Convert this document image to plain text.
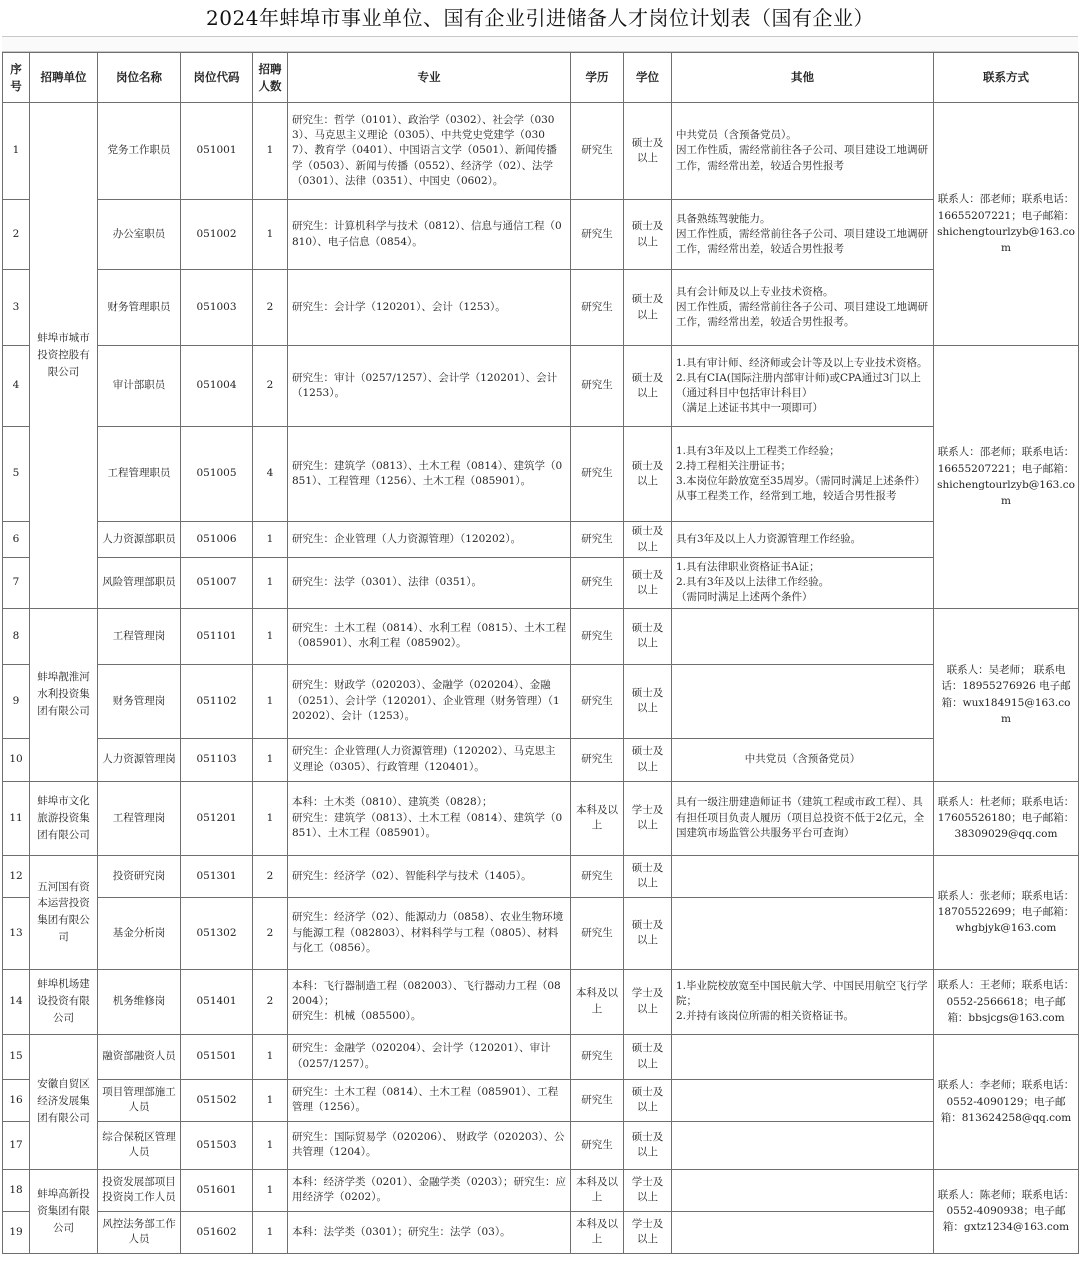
2024年蚌埠市事业单位、国有企业引进储备人才岗位计划表（国有企业）
序号	招聘单位	岗位名称	岗位代码	招聘人数	专业	学历	学位	其他	联系方式
1	蚌埠市城市投资控股有限公司	党务工作职员	051001	1	研究生：哲学（0101）、政治学（0302）、社会学（0303）、马克思主义理论（0305）、中共党史党建学（0307）、教育学（0401）、中国语言文学（0501）、新闻传播学（0503）、新闻与传播（0552）、经济学（02）、法学（0301）、法律（0351）、中国史（0602）。	研究生	硕士及以上	中共党员（含预备党员）。
因工作性质，需经常前往各子公司、项目建设工地调研工作，需经常出差，较适合男性报考	联系人：邵老师；联系电话：16655207221；电子邮箱：shichengtourlzyb@163.com
2		办公室职员	051002	1	研究生：计算机科学与技术（0812）、信息与通信工程（0810）、电子信息（0854）。	研究生	硕士及以上	具备熟练驾驶能力。
因工作性质，需经常前往各子公司、项目建设工地调研工作，需经常出差，较适合男性报考	
3		财务管理职员	051003	2	研究生：会计学（120201）、会计（1253）。	研究生	硕士及以上	具有会计师及以上专业技术资格。
因工作性质，需经常前往各子公司、项目建设工地调研工作，需经常出差，较适合男性报考。	
4		审计部职员	051004	2	研究生：审计（0257/1257）、会计学（120201）、会计（1253）。	研究生	硕士及以上	1.具有审计师、经济师或会计等及以上专业技术资格。
2.具有CIA(国际注册内部审计师)或CPA通过3门以上（通过科目中包括审计科目）
（满足上述证书其中一项即可）	联系人：邵老师；联系电话：16655207221；电子邮箱：shichengtourlzyb@163.com
5		工程管理职员	051005	4	研究生：建筑学（0813）、土木工程（0814）、建筑学（0851）、工程管理（1256）、土木工程（085901）。	研究生	硕士及以上	1.具有3年及以上工程类工作经验；
2.持工程相关注册证书；
3.本岗位年龄放宽至35周岁。（需同时满足上述条件）
从事工程类工作，经常到工地，较适合男性报考	
6		人力资源部职员	051006	1	研究生：企业管理（人力资源管理）（120202）。	研究生	硕士及以上	具有3年及以上人力资源管理工作经验。	
7		风险管理部职员	051007	1	研究生：法学（0301）、法律（0351）。	研究生	硕士及以上	1.具有法律职业资格证书A证；
2.具有3年及以上法律工作经验。
（需同时满足上述两个条件）	
8	蚌埠靓淮河水利投资集团有限公司	工程管理岗	051101	1	研究生：土木工程（0814）、水利工程（0815）、土木工程（085901）、水利工程（085902）。	研究生	硕士及以上		联系人：吴老师； 联系电话：18955276926 电子邮箱：wux184915@163.com
9		财务管理岗	051102	1	研究生：财政学（020203）、金融学（020204）、金融（0251）、会计学（120201）、企业管理（财务管理）（120202）、会计（1253）。	研究生	硕士及以上		
10		人力资源管理岗	051103	1	研究生：企业管理(人力资源管理)（120202）、马克思主义理论（0305）、行政管理（120401）。	研究生	硕士及以上	中共党员（含预备党员）	
11	蚌埠市文化旅游投资集团有限公司	工程管理岗	051201	1	本科：土木类（0810）、建筑类（0828）；
研究生：建筑学（0813）、土木工程（0814）、建筑学（0851）、土木工程（085901）。	本科及以上	学士及以上	具有一级注册建造师证书（建筑工程或市政工程）、具有担任项目负责人履历（项目总投资不低于2亿元，全国建筑市场监管公共服务平台可查询）	联系人：杜老师；联系电话：17605526180；电子邮箱：38309029@qq.com
12	五河国有资本运营投资集团有限公司	投资研究岗	051301	2	研究生：经济学（02）、智能科学与技术（1405）。	研究生	硕士及以上		联系人：张老师；联系电话：18705522699；电子邮箱：whgbjyk@163.com
13		基金分析岗	051302	2	研究生：经济学（02）、能源动力（0858）、农业生物环境与能源工程（082803）、材料科学与工程（0805）、材料与化工（0856）。	研究生	硕士及以上		
14	蚌埠机场建设投资有限公司	机务维修岗	051401	2	本科：飞行器制造工程（082003）、飞行器动力工程（082004）；
研究生：机械（085500）。	本科及以上	学士及以上	1.毕业院校放宽至中国民航大学、中国民用航空飞行学院；
2.并持有该岗位所需的相关资格证书。	联系人：王老师；联系电话：0552-2566618；电子邮箱：bbsjcgs@163.com
15	安徽自贸区经济发展集团有限公司	融资部融资人员	051501	1	研究生：金融学（020204）、会计学（120201）、审计（0257/1257）。	研究生	硕士及以上		联系人：李老师；联系电话：0552-4090129；电子邮箱：813624258@qq.com
16		项目管理部施工人员	051502	1	研究生：土木工程（0814）、土木工程（085901）、工程管理（1256）。	研究生	硕士及以上		
17		综合保税区管理人员	051503	1	研究生：国际贸易学（020206）、 财政学（020203）、公共管理（1204）。	研究生	硕士及以上		
18	蚌埠高新投资集团有限公司	投资发展部项目投资岗工作人员	051601	1	本科：经济学类（0201）、金融学类（0203）；研究生：应用经济学（0202）。	本科及以上	学士及以上		联系人：陈老师；联系电话：0552-4090938；电子邮箱：gxtz1234@163.com
19		风控法务部工作人员	051602	1	本科：法学类（0301）；研究生：法学（03）。	本科及以上	学士及以上		
